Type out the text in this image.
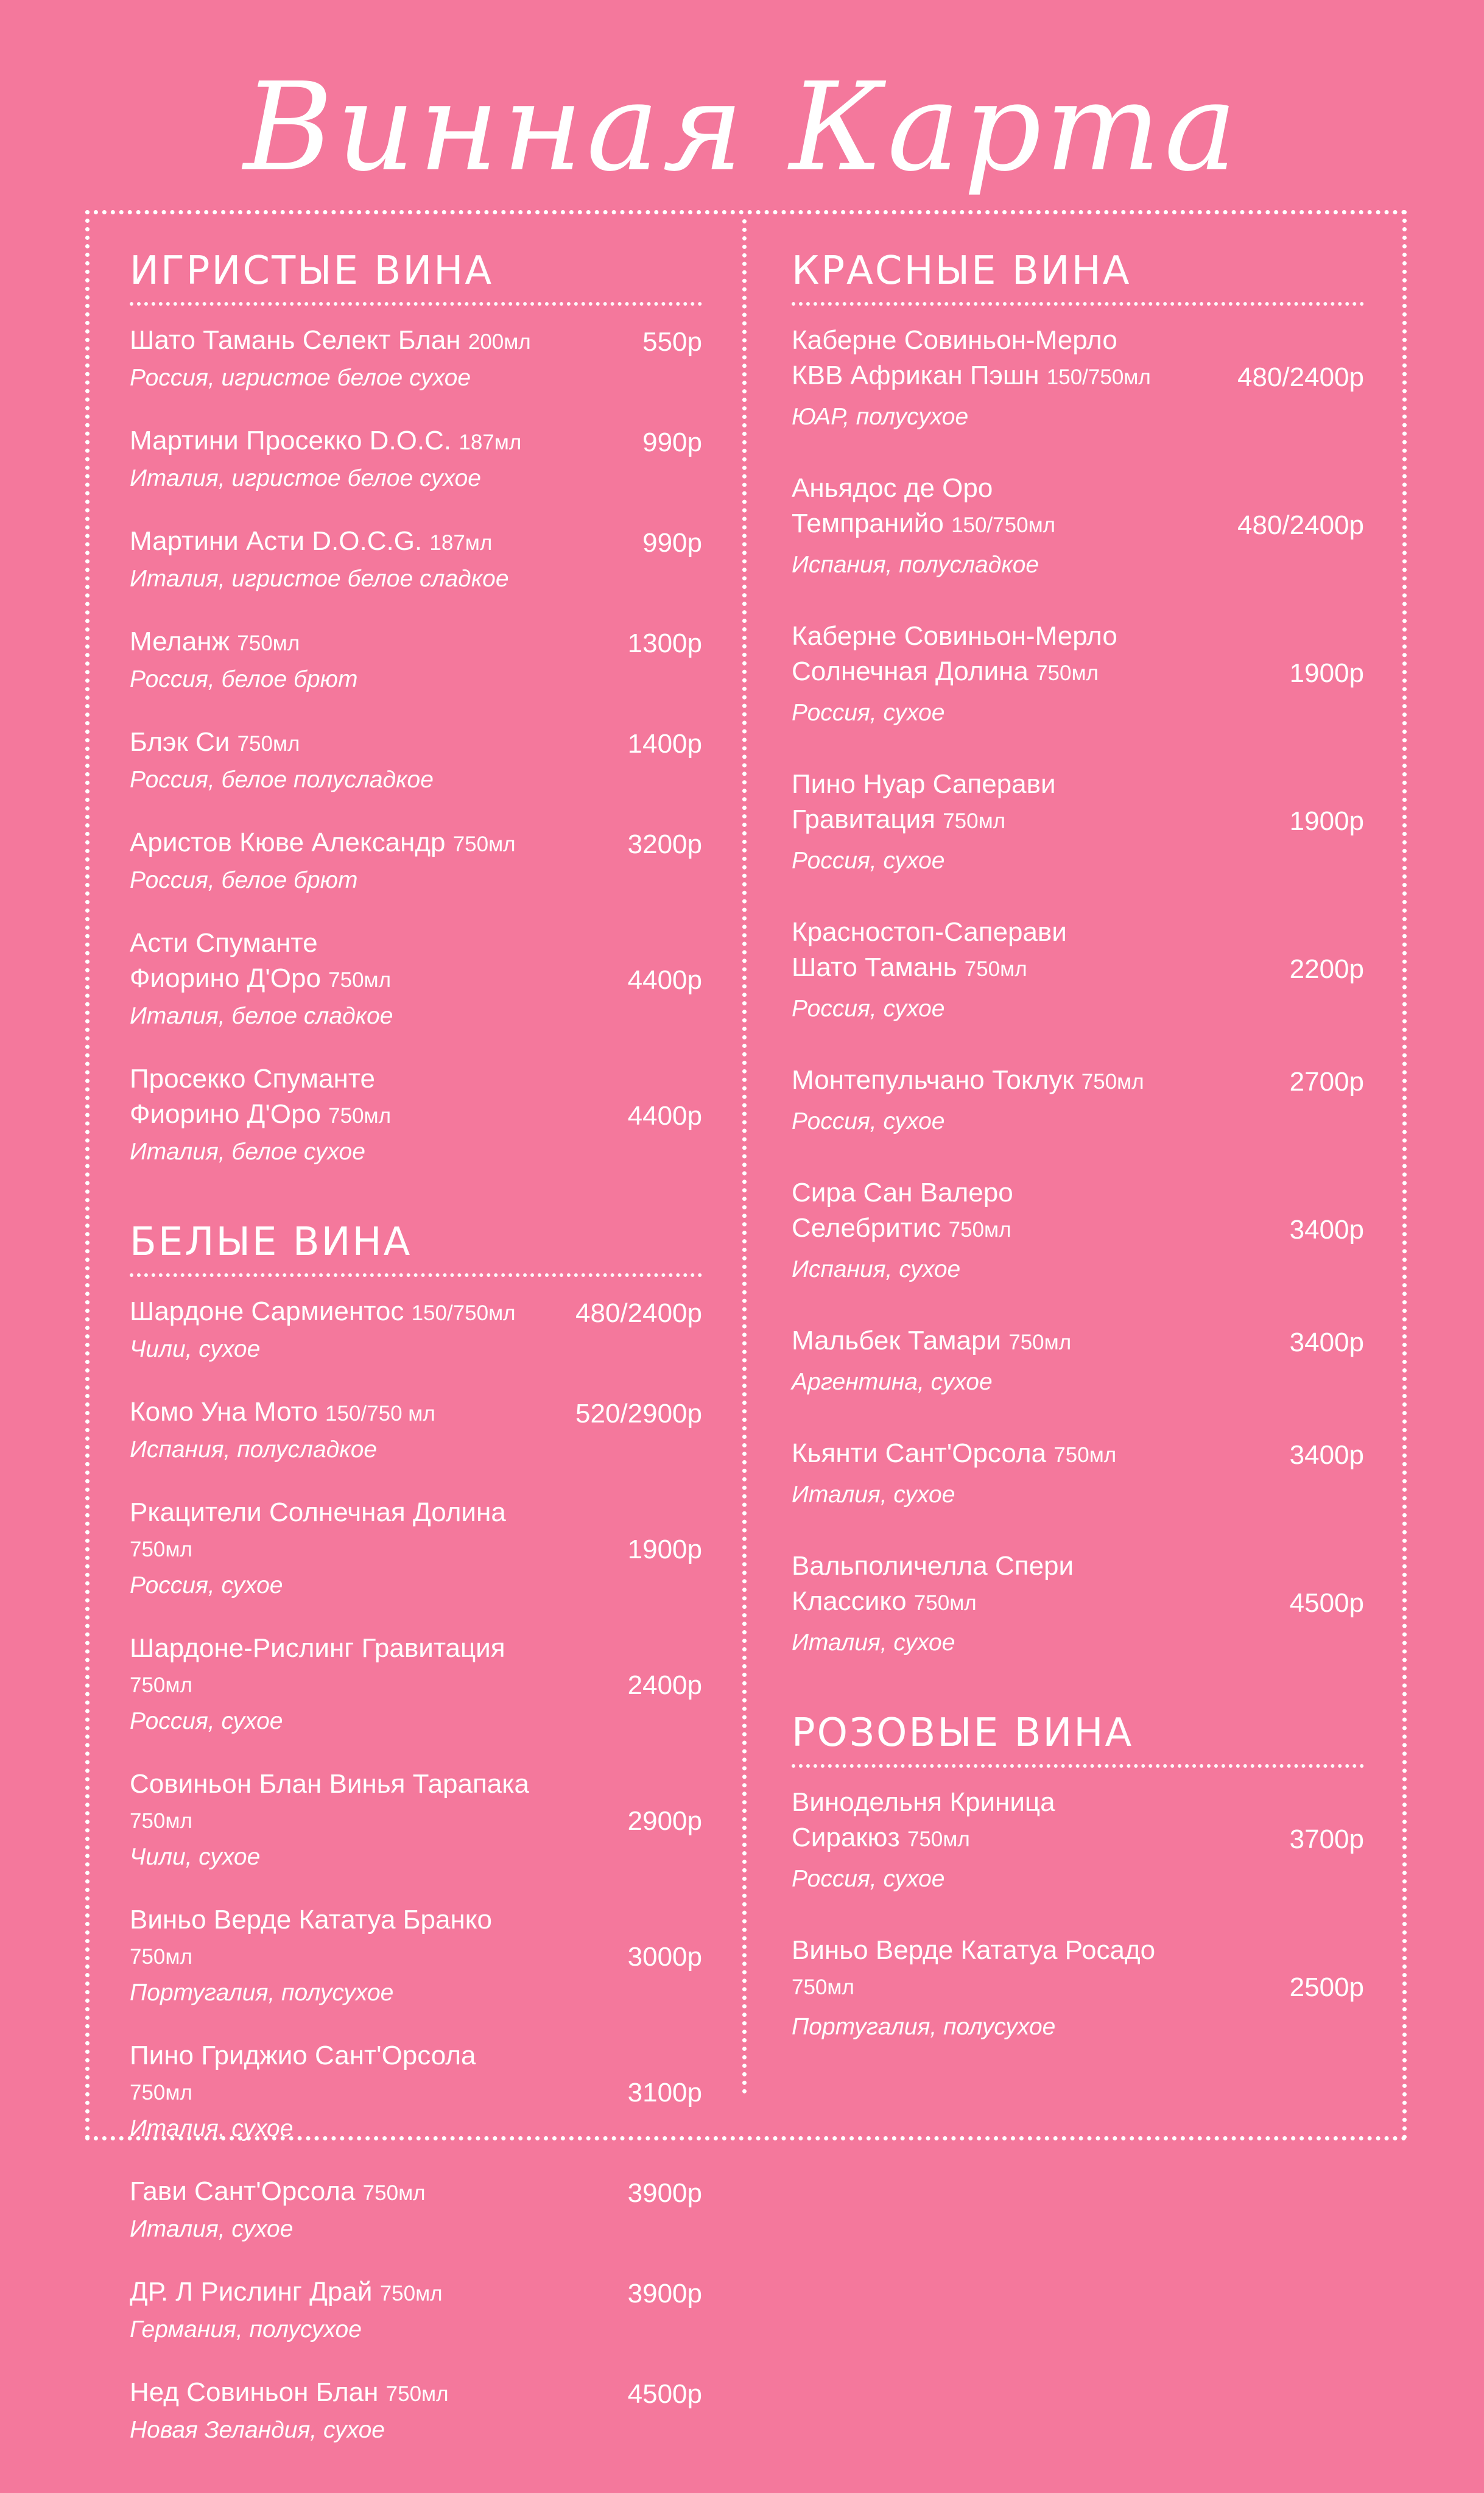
Винная Карта
ИГРИСТЫЕ ВИНА
Шато Тамань Селект Блан 200мл	550р
Россия, игристое белое сухое
Мартини Просекко D.O.C. 187мл	990р
Италия, игристое белое сухое
Мартини Асти D.O.C.G. 187мл	990р
Италия, игристое белое сладкое
Меланж 750мл	1300р
Россия, белое брют
Блэк Си 750мл	1400р
Россия, белое полусладкое
Аристов Кюве Александр 750мл	3200р
Россия, белое брют
Асти Спуманте
Фиорино Д'Оро 750мл	4400р
Италия, белое сладкое
Просекко Спуманте
Фиорино Д'Оро 750мл	4400р
Италия, белое сухое
БЕЛЫЕ ВИНА
Шардоне Сармиентос 150/750мл	480/2400р
Чили, сухое
Комо Уна Мото 150/750 мл	520/2900р
Испания, полусладкое
Ркацители Солнечная Долина 750мл	1900р
Россия, сухое
Шардоне-Рислинг Гравитация 750мл	2400р
Россия, сухое
Совиньон Блан Винья Тарапака 750мл	2900р
Чили, сухое
Виньо Верде Кататуа Бранко 750мл	3000р
Португалия, полусухое
Пино Гриджио Сант'Орсола 750мл	3100р
Италия, сухое
Гави Сант'Орсола 750мл	3900р
Италия, сухое
ДР. Л Рислинг Драй 750мл	3900р
Германия, полусухое
Нед Совиньон Блан 750мл	4500р
Новая Зеландия, сухое
КРАСНЫЕ ВИНА
Каберне Совиньон-Мерло
КВВ Африкан Пэшн 150/750мл	480/2400р
ЮАР, полусухое
Аньядос де Оро
Темпранийо 150/750мл	480/2400р
Испания, полусладкое
Каберне Совиньон-Мерло
Солнечная Долина 750мл	1900р
Россия, сухое
Пино Нуар Саперави
Гравитация 750мл	1900р
Россия, сухое
Красностоп-Саперави
Шато Тамань 750мл	2200р
Россия, сухое
Монтепульчано Токлук 750мл	2700р
Россия, сухое
Сира Сан Валеро
Селебритис 750мл	3400р
Испания, сухое
Мальбек Тамари 750мл	3400р
Аргентина, сухое
Кьянти Сант'Орсола 750мл	3400р
Италия, сухое
Вальполичелла Спери
Классико 750мл	4500р
Италия, сухое
РОЗОВЫЕ ВИНА
Винодельня Криница
Сиракюз 750мл	3700р
Россия, сухое
Виньо Верде Кататуа Росадо 750мл	2500р
Португалия, полусухое
